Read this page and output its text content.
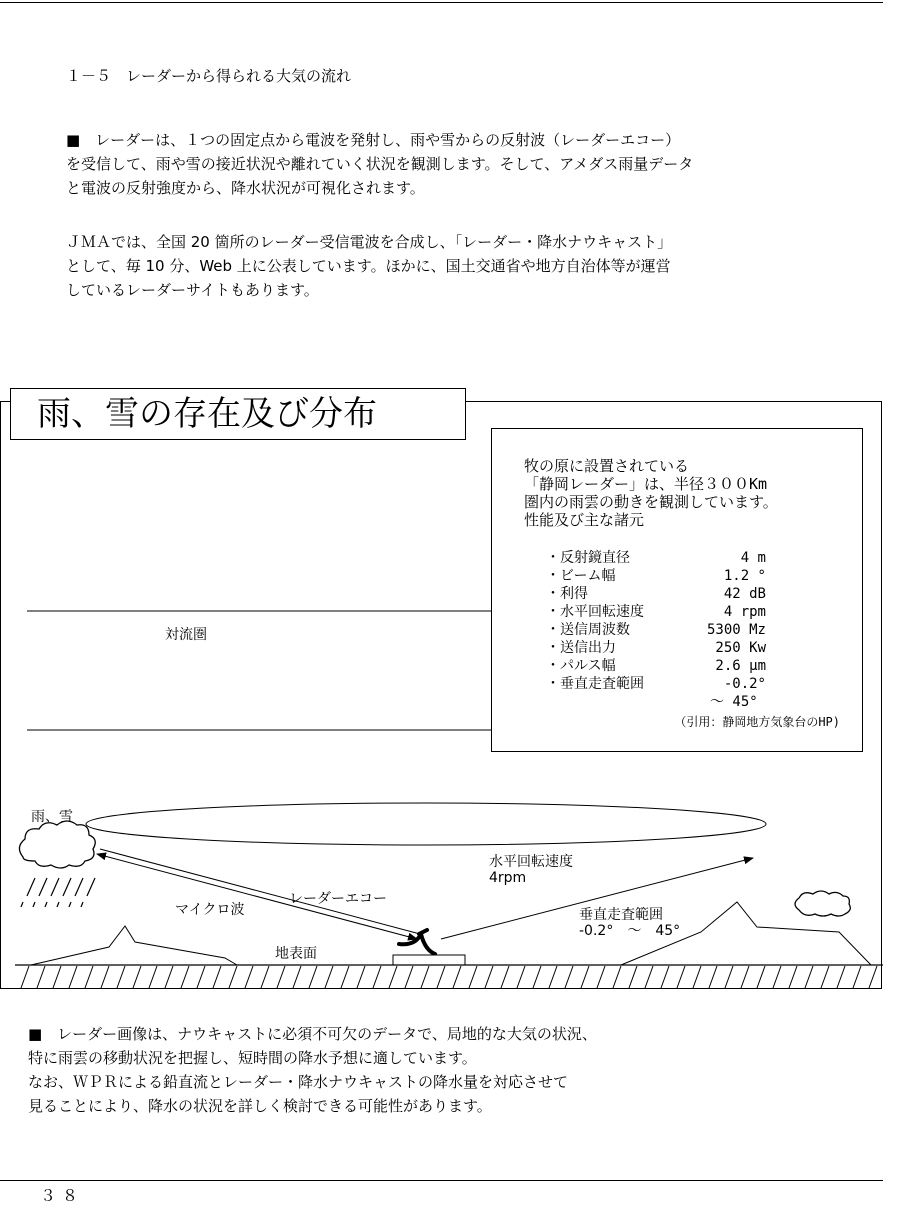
１－５　レーダーから得られる大気の流れ
■　レーダーは、１つの固定点から電波を発射し、雨や雪からの反射波（レーダーエコー）
を受信して、雨や雪の接近状況や離れていく状況を観測します。そして、アメダス雨量データ
と電波の反射強度から、降水状況が可視化されます。
ＪＭＡでは、全国 20 箇所のレーダー受信電波を合成し、「レーダー・降水ナウキャスト」
として、毎 10 分、Web 上に公表しています。ほかに、国土交通省や地方自治体等が運営
しているレーダーサイトもあります。
雨、雪の存在及び分布
牧の原に設置されている
「静岡レーダー」は、半径３００Km
圏内の雨雲の動きを観測しています。
性能及び主な諸元
・反射鏡直径	4 m
・ビーム幅	1.2 °
・利得	42 dB
・水平回転速度	4 rpm
・送信周波数	5300 Mz
・送信出力	250 Kw
・パルス幅	2.6 μm
・垂直走査範囲	-0.2°
～ 45°
（引用：静岡地方気象台のHP)
対流圏
雨、雪
マイクロ波
レーダーエコー
水平回転速度
4rpm
垂直走査範囲
-0.2°　～　45°
地表面
■　レーダー画像は、ナウキャストに必須不可欠のデータで、局地的な大気の状況、
特に雨雲の移動状況を把握し、短時間の降水予想に適しています。
なお、ＷＰＲによる鉛直流とレーダー・降水ナウキャストの降水量を対応させて
見ることにより、降水の状況を詳しく検討できる可能性があります。
３８
